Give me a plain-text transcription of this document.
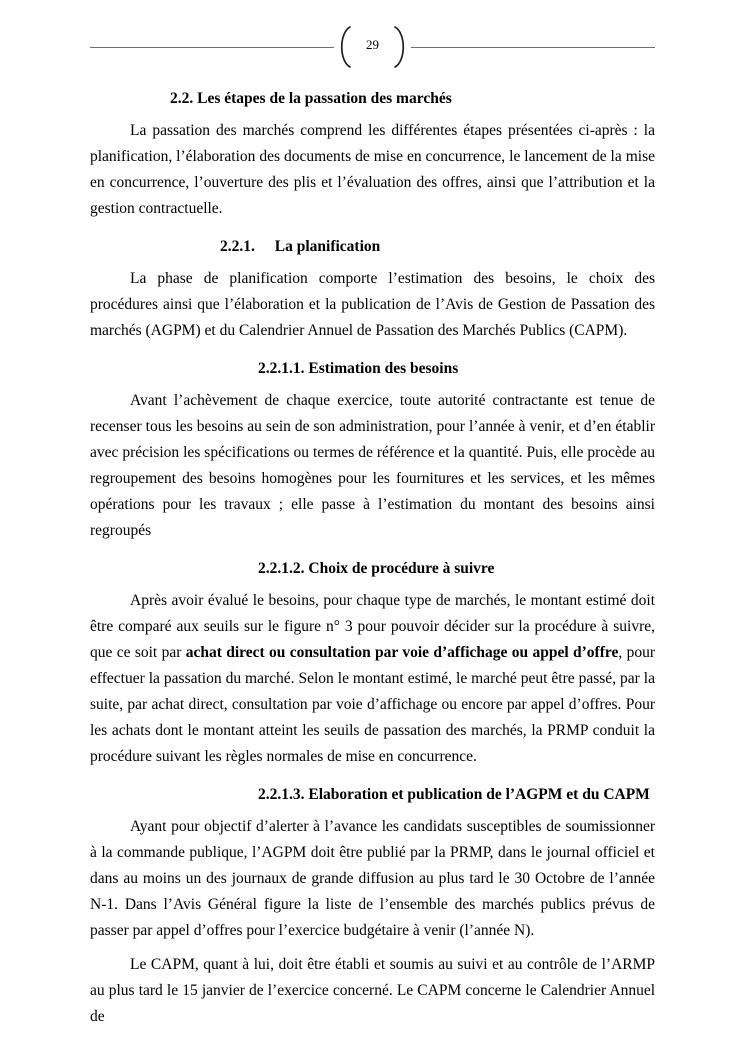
29
2.2. Les étapes de la passation des marchés

La passation des marchés comprend les différentes étapes présentées ci-après : la planification, l’élaboration des documents de mise en concurrence, le lancement de la mise en concurrence, l’ouverture des plis et l’évaluation des offres, ainsi que l’attribution et la gestion contractuelle.

2.2.1. La planification

La phase de planification comporte l’estimation des besoins, le choix des procédures ainsi que l’élaboration et la publication de l’Avis de Gestion de Passation des marchés (AGPM) et du Calendrier Annuel de Passation des Marchés Publics (CAPM).

2.2.1.1. Estimation des besoins

Avant l’achèvement de chaque exercice, toute autorité contractante est tenue de recenser tous les besoins au sein de son administration, pour l’année à venir, et d’en établir avec précision les spécifications ou termes de référence et la quantité. Puis, elle procède au regroupement des besoins homogènes pour les fournitures et les services, et les mêmes opérations pour les travaux ; elle passe à l’estimation du montant des besoins ainsi regroupés

2.2.1.2. Choix de procédure à suivre

Après avoir évalué le besoins, pour chaque type de marchés, le montant estimé doit être comparé aux seuils sur le figure n° 3 pour pouvoir décider sur la procédure à suivre, que ce soit par achat direct ou consultation par voie d’affichage ou appel d’offre, pour effectuer la passation du marché. Selon le montant estimé, le marché peut être passé, par la suite, par achat direct, consultation par voie d’affichage ou encore par appel d’offres. Pour les achats dont le montant atteint les seuils de passation des marchés, la PRMP conduit la procédure suivant les règles normales de mise en concurrence.

2.2.1.3. Elaboration et publication de l’AGPM et du CAPM

Ayant pour objectif d’alerter à l’avance les candidats susceptibles de soumissionner à la commande publique, l’AGPM doit être publié par la PRMP, dans le journal officiel et dans au moins un des journaux de grande diffusion au plus tard le 30 Octobre de l’année N-1. Dans l’Avis Général figure la liste de l’ensemble des marchés publics prévus de passer par appel d’offres pour l’exercice budgétaire à venir (l’année N).

Le CAPM, quant à lui, doit être établi et soumis au suivi et au contrôle de l’ARMP au plus tard le 15 janvier de l’exercice concerné. Le CAPM concerne le Calendrier Annuel de
